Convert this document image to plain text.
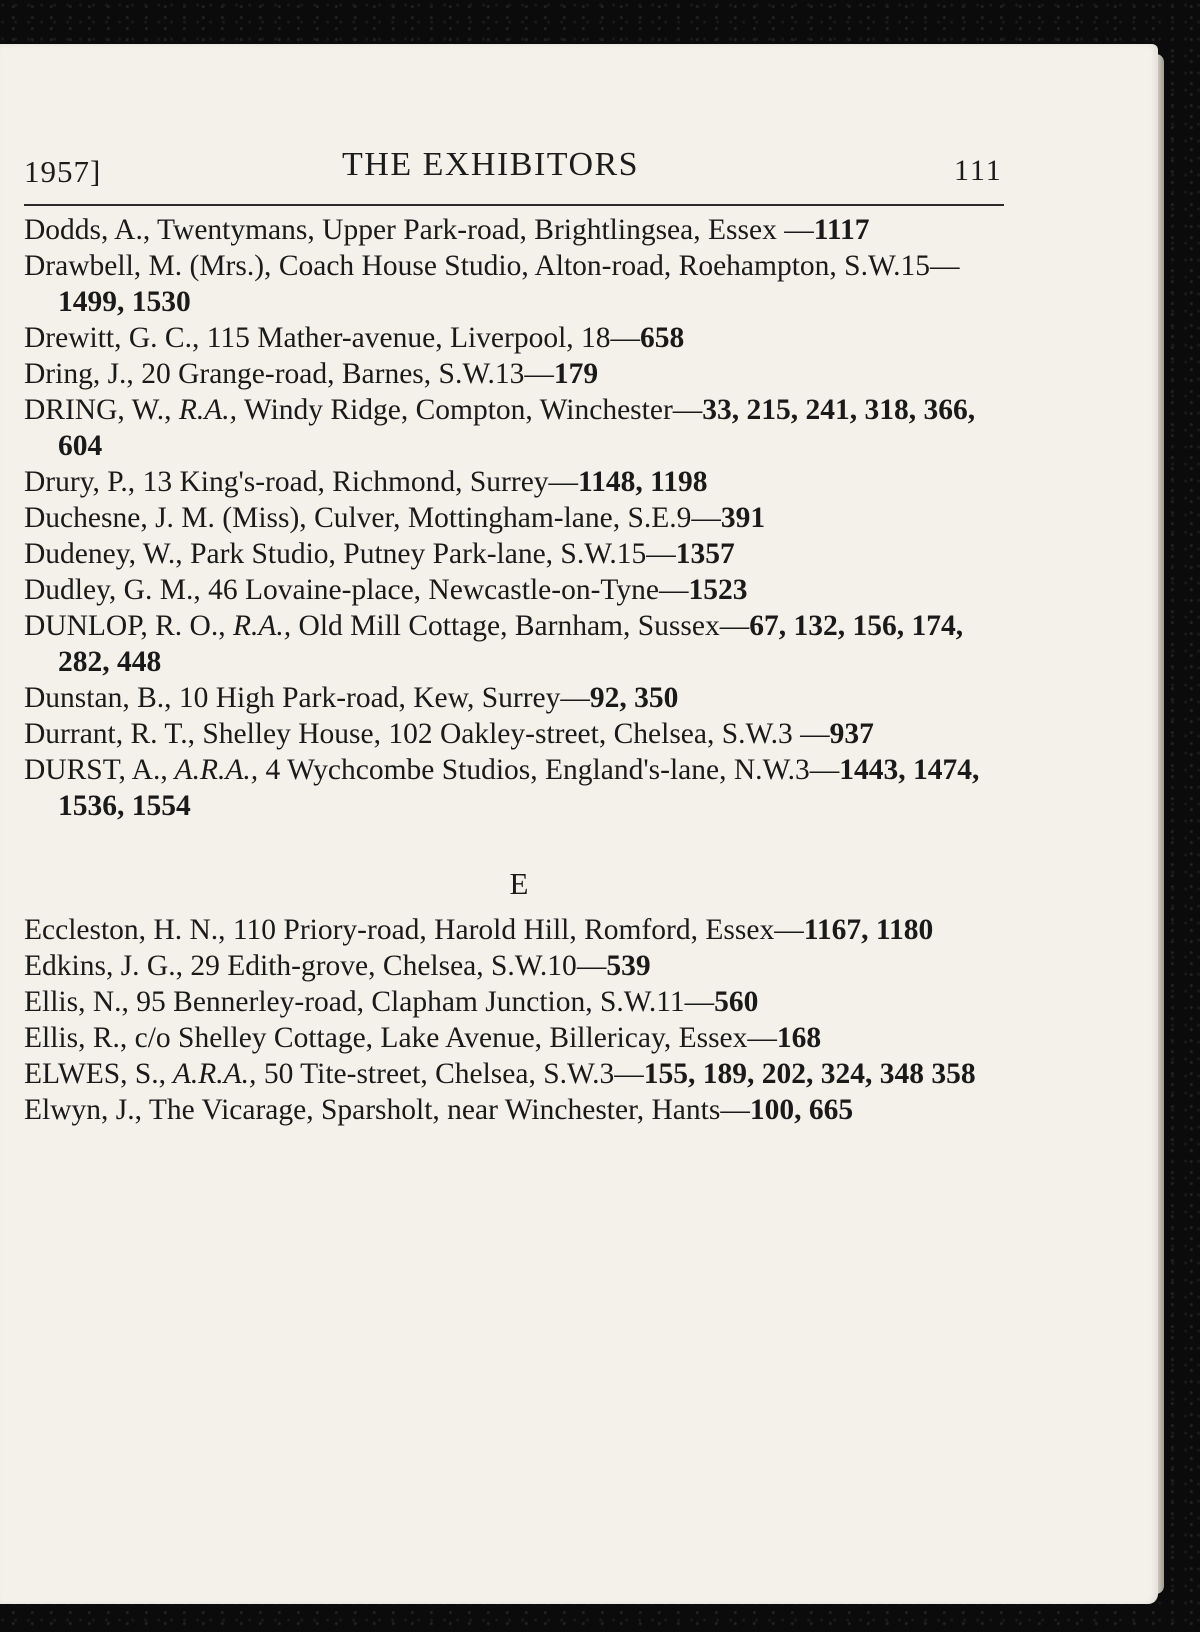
1957]	THE EXHIBITORS	111
Dodds, A., Twentymans, Upper Park-road, Brightlingsea, Essex —1117
Drawbell, M. (Mrs.), Coach House Studio, Alton-road, Roehampton, S.W.15—1499, 1530
Drewitt, G. C., 115 Mather-avenue, Liverpool, 18—658
Dring, J., 20 Grange-road, Barnes, S.W.13—179
DRING, W., R.A., Windy Ridge, Compton, Winchester—33, 215, 241, 318, 366, 604
Drury, P., 13 King's-road, Richmond, Surrey—1148, 1198
Duchesne, J. M. (Miss), Culver, Mottingham-lane, S.E.9—391
Dudeney, W., Park Studio, Putney Park-lane, S.W.15—1357
Dudley, G. M., 46 Lovaine-place, Newcastle-on-Tyne—1523
DUNLOP, R. O., R.A., Old Mill Cottage, Barnham, Sussex—67, 132, 156, 174, 282, 448
Dunstan, B., 10 High Park-road, Kew, Surrey—92, 350
Durrant, R. T., Shelley House, 102 Oakley-street, Chelsea, S.W.3 —937
DURST, A., A.R.A., 4 Wychcombe Studios, England's-lane, N.W.3—1443, 1474, 1536, 1554
E
Eccleston, H. N., 110 Priory-road, Harold Hill, Romford, Essex—1167, 1180
Edkins, J. G., 29 Edith-grove, Chelsea, S.W.10—539
Ellis, N., 95 Bennerley-road, Clapham Junction, S.W.11—560
Ellis, R., c/o Shelley Cottage, Lake Avenue, Billericay, Essex—168
ELWES, S., A.R.A., 50 Tite-street, Chelsea, S.W.3—155, 189, 202, 324, 348 358
Elwyn, J., The Vicarage, Sparsholt, near Winchester, Hants—100, 665
